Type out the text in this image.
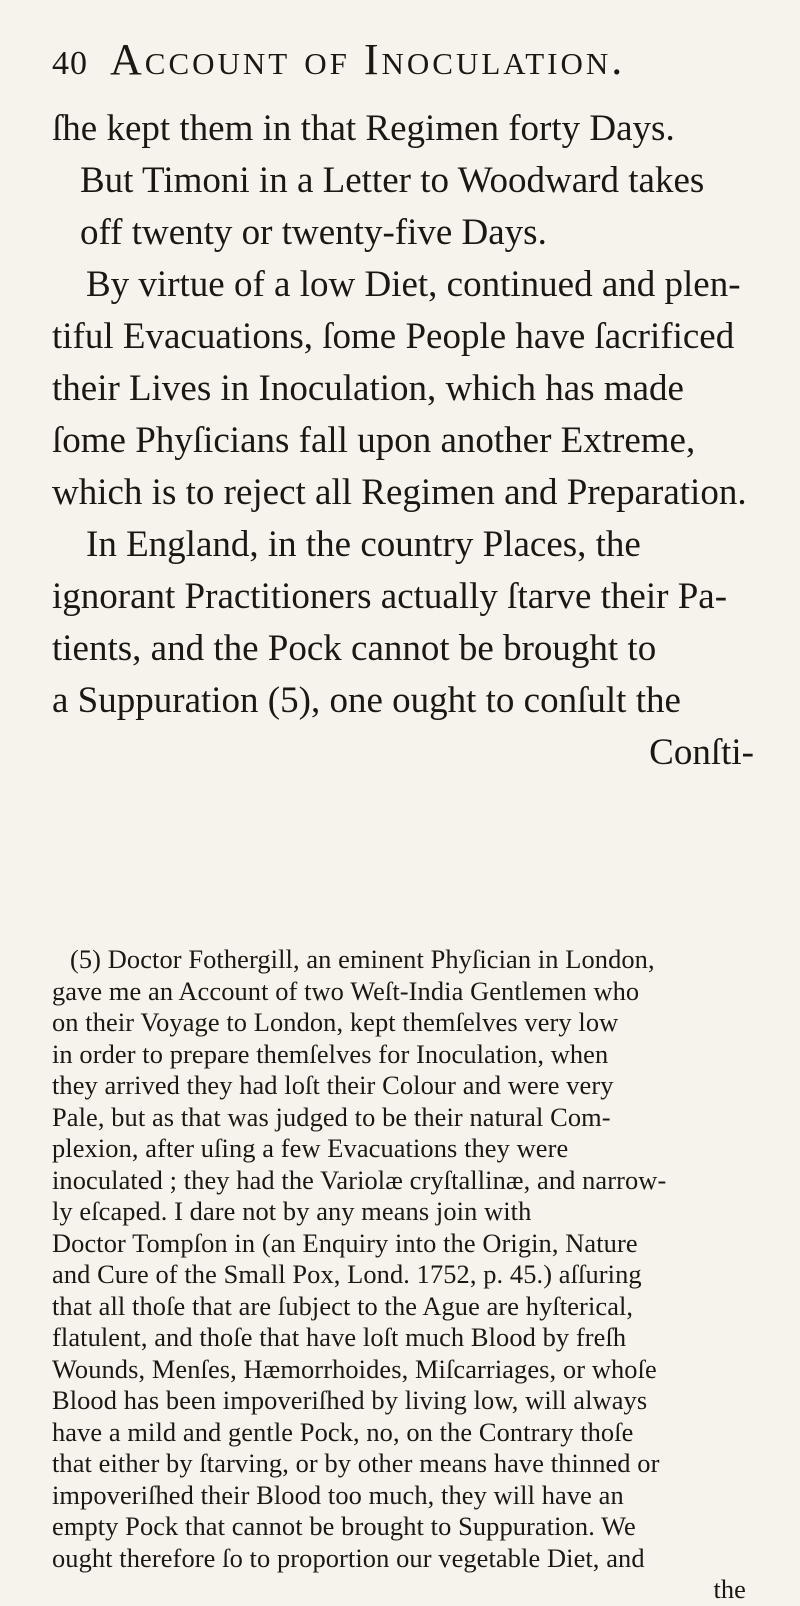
40 Account of Inoculation.
ſhe kept them in that Regimen forty Days.
But Timoni in a Letter to Woodward takes
off twenty or twenty-five Days.
By virtue of a low Diet, continued and plen-
tiful Evacuations, ſome People have ſacrificed
their Lives in Inoculation, which has made
ſome Phyſicians fall upon another Extreme,
which is to reject all Regimen and Preparation.
In England, in the country Places, the
ignorant Practitioners actually ſtarve their Pa-
tients, and the Pock cannot be brought to
a Suppuration (5), one ought to conſult the
Conſti-
(5) Doctor Fothergill, an eminent Phyſician in London,
gave me an Account of two Weſt-India Gentlemen who
on their Voyage to London, kept themſelves very low
in order to prepare themſelves for Inoculation, when
they arrived they had loſt their Colour and were very
Pale, but as that was judged to be their natural Com-
plexion, after uſing a few Evacuations they were
inoculated ; they had the Variolæ cryſtallinæ, and narrow-
ly eſcaped. I dare not by any means join with
Doctor Tompſon in (an Enquiry into the Origin, Nature
and Cure of the Small Pox, Lond. 1752, p. 45.) aſſuring
that all thoſe that are ſubject to the Ague are hyſterical,
flatulent, and thoſe that have loſt much Blood by freſh
Wounds, Menſes, Hæmorrhoides, Miſcarriages, or whoſe
Blood has been impoveriſhed by living low, will always
have a mild and gentle Pock, no, on the Contrary thoſe
that either by ſtarving, or by other means have thinned or
impoveriſhed their Blood too much, they will have an
empty Pock that cannot be brought to Suppuration. We
ought therefore ſo to proportion our vegetable Diet, and
the
